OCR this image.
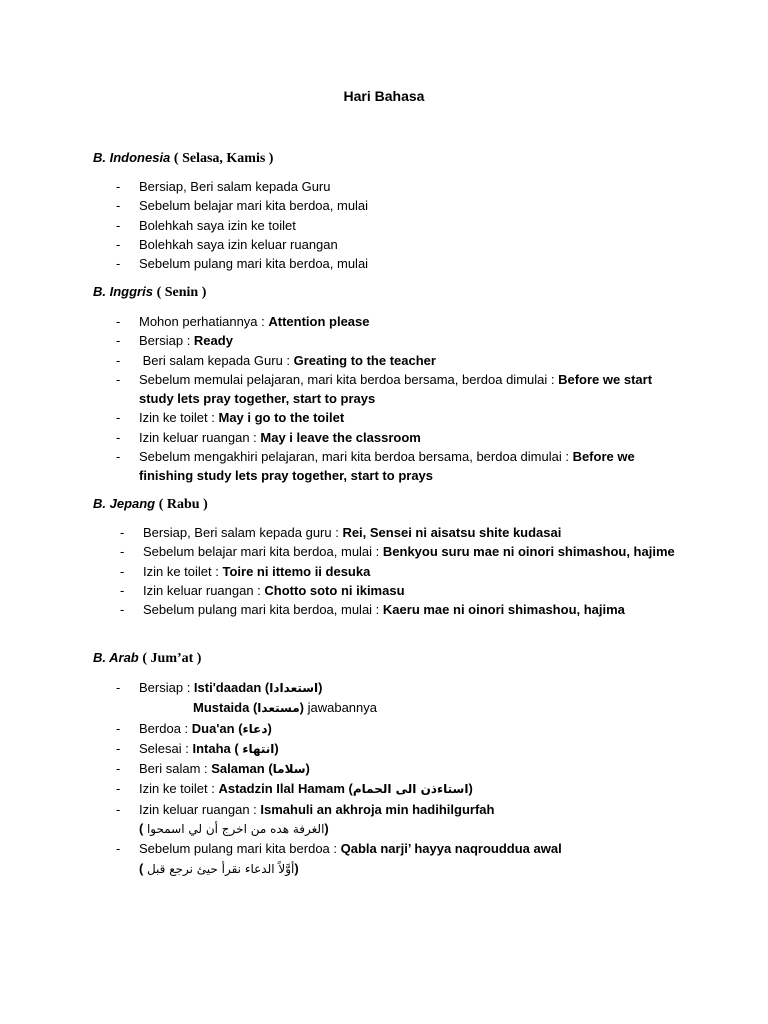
Hari Bahasa
B. Indonesia ( Selasa, Kamis )
- Bersiap, Beri salam kepada Guru
- Sebelum belajar mari kita berdoa, mulai
- Bolehkah saya izin ke toilet
- Bolehkah saya izin keluar ruangan
- Sebelum pulang mari kita berdoa, mulai
B. Inggris ( Senin )
- Mohon perhatiannya : Attention please
- Bersiap : Ready
-  Beri salam kepada Guru : Greating to the teacher
- Sebelum memulai pelajaran, mari kita berdoa bersama, berdoa dimulai : Before we start study lets pray together, start to prays
- Izin ke toilet : May i go to the toilet
- Izin keluar ruangan : May i leave the classroom
- Sebelum mengakhiri pelajaran, mari kita berdoa bersama, berdoa dimulai : Before we finishing study lets pray together, start to prays
B. Jepang ( Rabu )
- Bersiap, Beri salam kepada guru : Rei, Sensei ni aisatsu shite kudasai
- Sebelum belajar mari kita berdoa, mulai : Benkyou suru mae ni oinori shimashou, hajime
- Izin ke toilet : Toire ni ittemo ii desuka
- Izin keluar ruangan : Chotto soto ni ikimasu
- Sebelum pulang mari kita berdoa, mulai : Kaeru mae ni oinori shimashou, hajima
B. Arab ( Jum’at )
- Bersiap : Isti'daadan (استعدادا)
Mustaida (مستعدا) jawabannya
- Berdoa : Dua'an (دعاء)
- Selesai : Intaha ( انتهاء)
- Beri salam : Salaman (سلاما)
- Izin ke toilet : Astadzin Ilal Hamam (استاءذن الى الحمام)
- Izin keluar ruangan : Ismahuli an akhroja min hadihilgurfah
( الغرفة هده من اخرج أن لي اسمحوا)
- Sebelum pulang mari kita berdoa : Qabla narji’ hayya naqrouddua awal
( أوَّلاً الدعاء نقرأ حيئ نرجع قبل)
